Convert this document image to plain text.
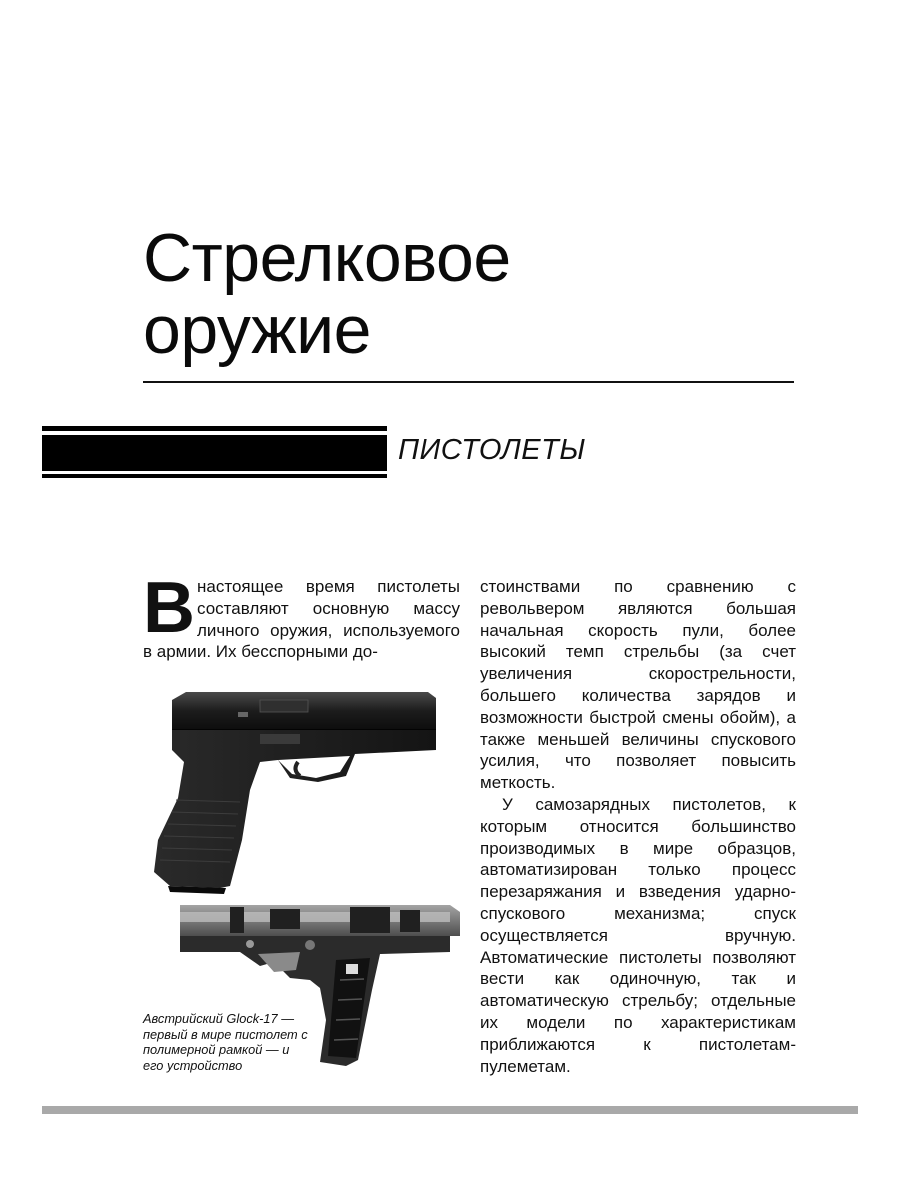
Стрелковое
оружие
ПИСТОЛЕТЫ

Внастоящее время пистолеты составляют основную массу личного оружия, используемого в армии. Их бесспорными до-

Австрийский Glock-17 — первый в мире пистолет с полимерной рамкой — и его устройство

стоинствами по сравнению с револьвером являются большая начальная скорость пули, более высокий темп стрельбы (за счет увеличения скорострельности, большего количества зарядов и возможности быстрой смены обойм), а также меньшей величины спускового усилия, что позволяет повысить меткость.

У самозарядных пистолетов, к которым относится большинство производимых в мире образцов, автоматизирован только процесс перезаряжания и взведения ударно-спускового механизма; спуск осуществляется вручную. Автоматические пистолеты позволяют вести как одиночную, так и автоматическую стрельбу; отдельные их модели по характеристикам приближаются к пистолетам-пулеметам.
